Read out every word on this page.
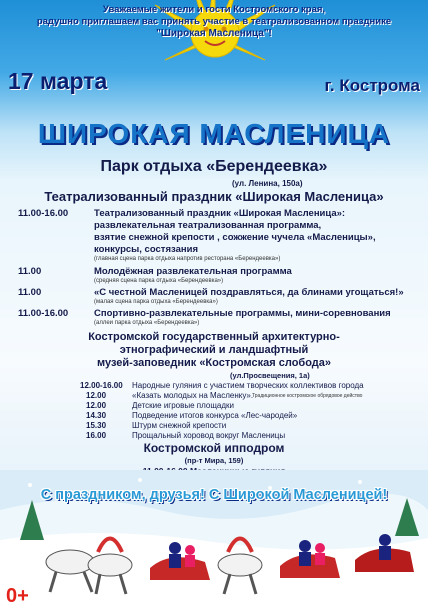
Уважаемые жители и гости Костромского края,

радушно приглашаем вас принять участие в театрализованном празднике

"Широкая Масленица"!

17 марта	г. Кострома

ШИРОКАЯ МАСЛЕНИЦА

Парк отдыха «Берендеевка»

(ул. Ленина, 150а)

Театрализованный праздник «Широкая Масленица»

11.00-16.00	Театрализованный праздник «Широкая Масленица»:

развлекательная театрализованная программа,

взятие снежной крепости , сожжение чучела «Масленицы»,

конкурсы, состязания

(главная сцена парка отдыха напротив ресторана «Берендеевка»)

11.00	Молодёжная развлекательная программа

(средняя сцена парка отдыха «Берендеевка»)

11.00	«С честной Масленицей поздравляться, да блинами угощаться!»

(малая сцена парка отдыха «Берендеевка»)

11.00-16.00	Спортивно-развлекательные программы, мини-соревнования

(аллеи парка отдыха «Берендеевка»)

Костромской государственный архитектурно-

этнографический и ландшафтный

музей-заповедник «Костромская слобода»

(ул.Просвещения, 1а)

12.00-16.00 Народные гуляния с участием творческих коллективов города

12.00	«Казать молодых на Масленку».

Традиционное костромское обрядовое действо

12.00	Детские игровые площадки

14.30	Подведение итогов конкурса «Лес-чародей»

15.30	Штурм снежной крепости

16.00	Прощальный хоровод вокруг Масленицы

Костромской ипподром

(пр-т Мира, 159)

С праздником, друзья! С Широкой Масленицей!

0+
